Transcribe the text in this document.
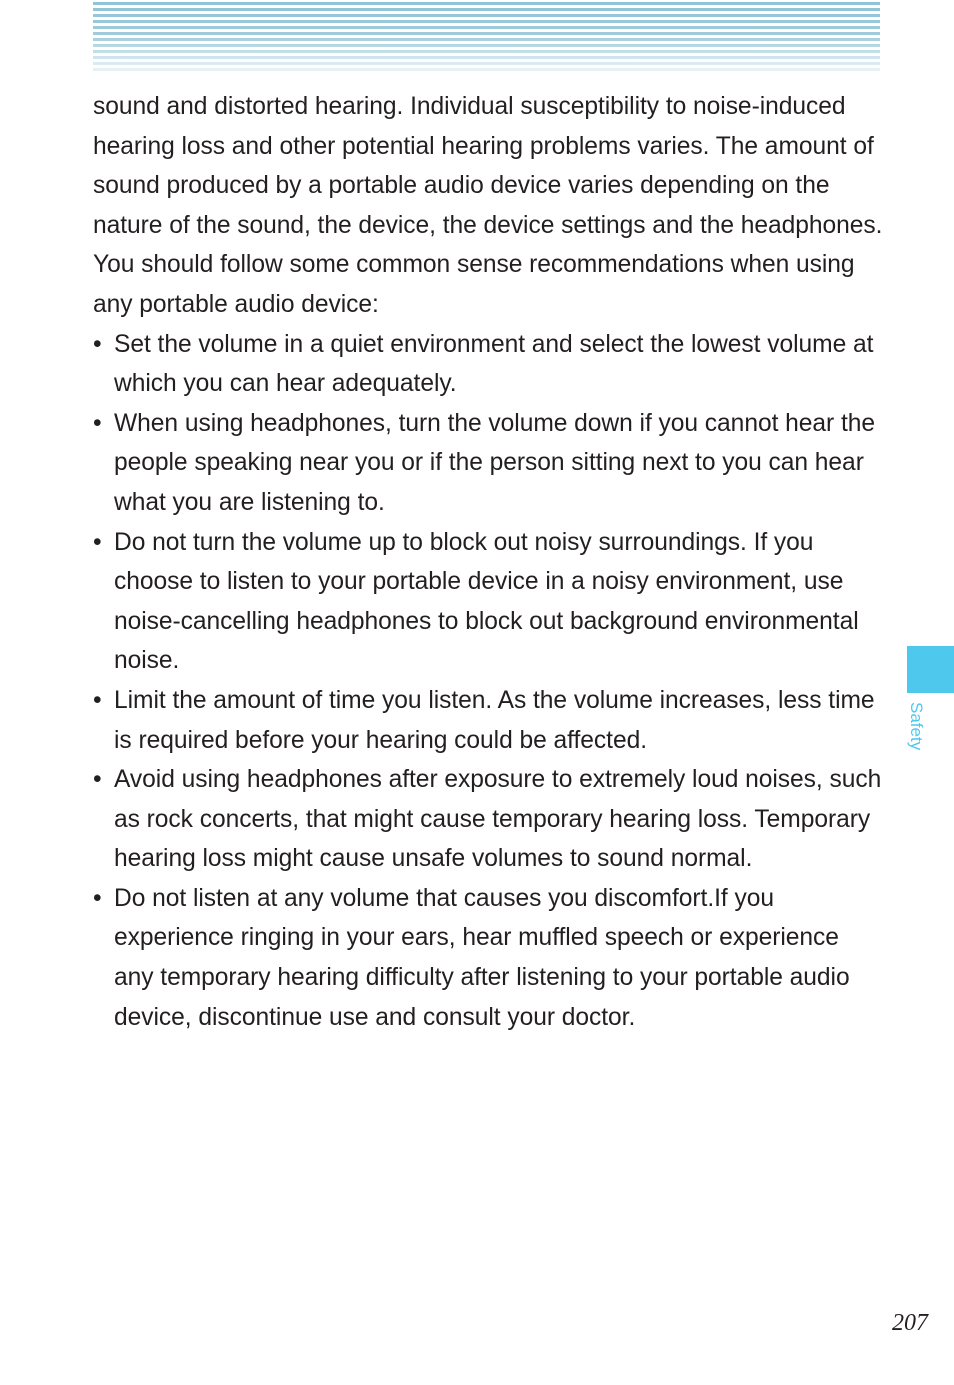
sound and distorted hearing. Individual susceptibility to noise-induced hearing loss and other potential hearing problems varies. The amount of sound produced by a portable audio device varies depending on the nature of the sound, the device, the device settings and the headphones. You should follow some common sense recommendations when using any portable audio device:

• Set the volume in a quiet environment and select the lowest volume at which you can hear adequately.
• When using headphones, turn the volume down if you cannot hear the people speaking near you or if the person sitting next to you can hear what you are listening to.
• Do not turn the volume up to block out noisy surroundings. If you choose to listen to your portable device in a noisy environment, use noise-cancelling headphones to block out background environmental noise.
• Limit the amount of time you listen. As the volume increases, less time is required before your hearing could be affected.
• Avoid using headphones after exposure to extremely loud noises, such as rock concerts, that might cause temporary hearing loss. Temporary hearing loss might cause unsafe volumes to sound normal.
• Do not listen at any volume that causes you discomfort.If you experience ringing in your ears, hear muffled speech or experience any temporary hearing difficulty after listening to your portable audio device, discontinue use and consult your doctor.
Safety
207
